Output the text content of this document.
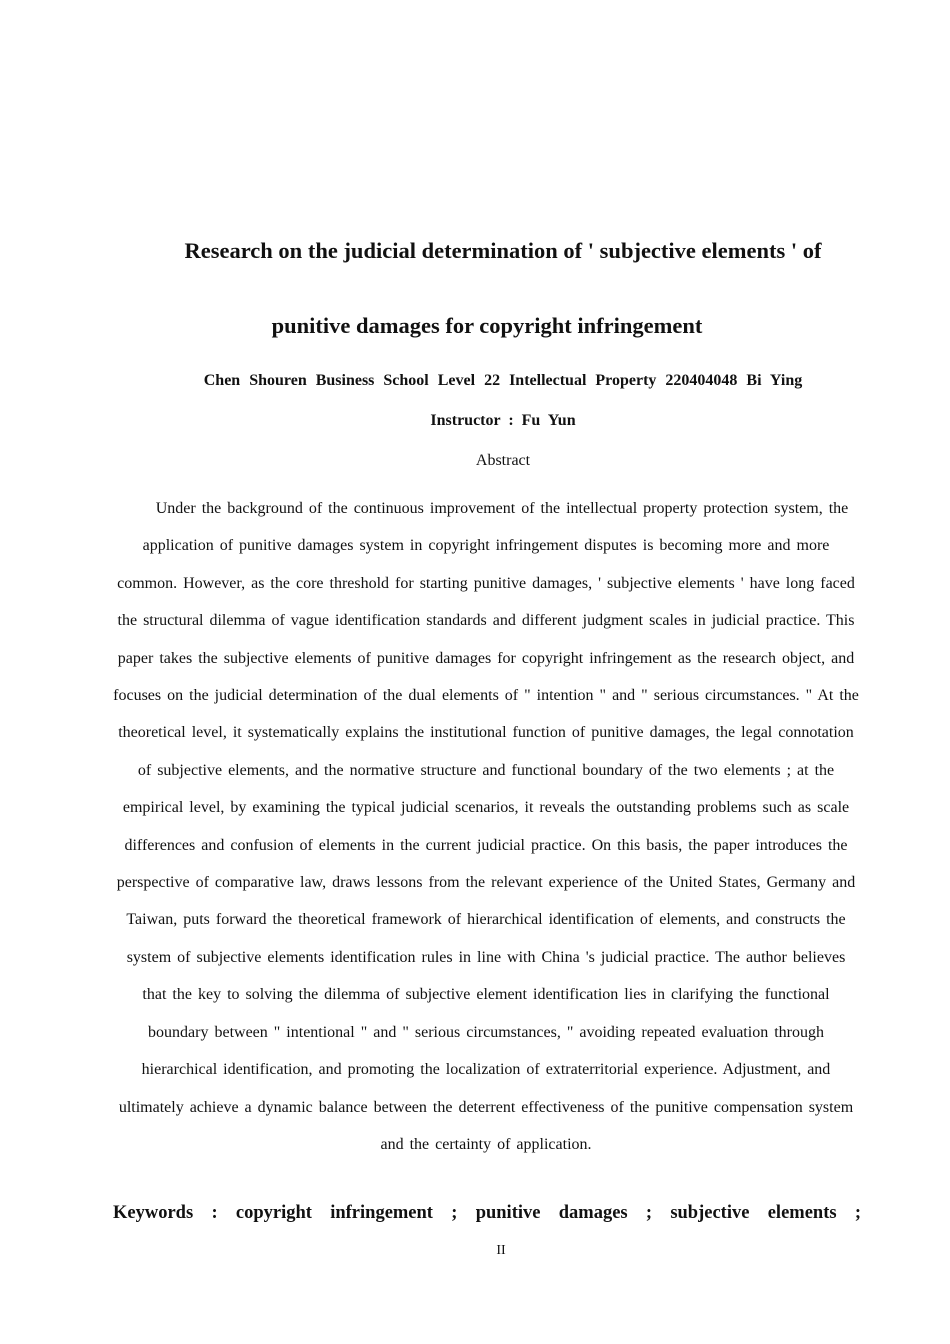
Research on the judicial determination of ' subjective elements ' of
punitive damages for copyright infringement
Chen Shouren Business School Level 22 Intellectual Property 220404048 Bi Ying
Instructor : Fu Yun
Abstract

Under the background of the continuous improvement of the intellectual property protection system, the application of punitive damages system in copyright infringement disputes is becoming more and more common. However, as the core threshold for starting punitive damages, ' subjective elements ' have long faced the structural dilemma of vague identification standards and different judgment scales in judicial practice. This paper takes the subjective elements of punitive damages for copyright infringement as the research object, and focuses on the judicial determination of the dual elements of " intention " and " serious circumstances. " At the theoretical level, it systematically explains the institutional function of punitive damages, the legal connotation of subjective elements, and the normative structure and functional boundary of the two elements ; at the empirical level, by examining the typical judicial scenarios, it reveals the outstanding problems such as scale differences and confusion of elements in the current judicial practice. On this basis, the paper introduces the perspective of comparative law, draws lessons from the relevant experience of the United States, Germany and Taiwan, puts forward the theoretical framework of hierarchical identification of elements, and constructs the system of subjective elements identification rules in line with China 's judicial practice. The author believes that the key to solving the dilemma of subjective element identification lies in clarifying the functional boundary between " intentional " and " serious circumstances, " avoiding repeated evaluation through hierarchical identification, and promoting the localization of extraterritorial experience. Adjustment, and ultimately achieve a dynamic balance between the deterrent effectiveness of the punitive compensation system and the certainty of application.

Keywords : copyright infringement ; punitive damages ; subjective elements ;
II
